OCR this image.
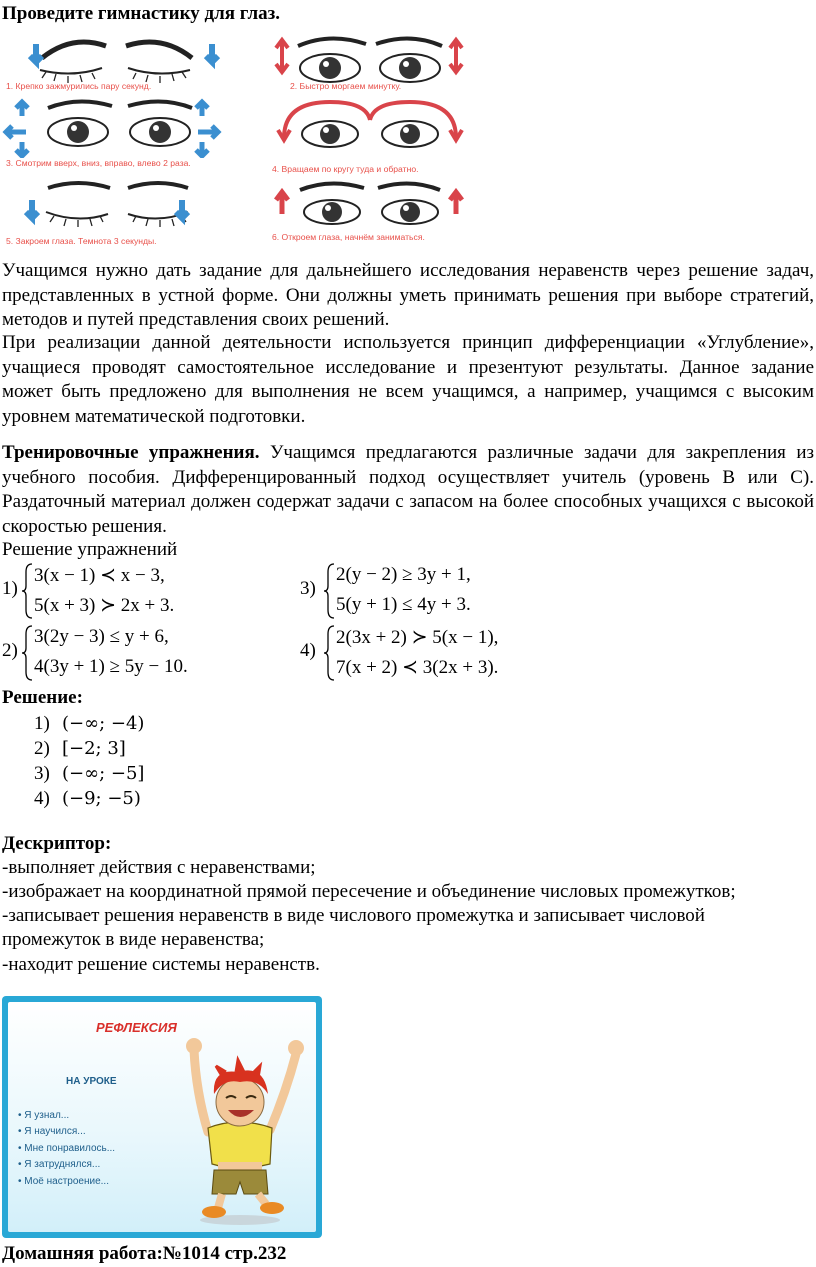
Проведите гимнастику для глаз.
1. Крепко зажмурились пару секунд.	2. Быстро моргаем минутку.
3. Смотрим вверх, вниз, вправо, влево 2 раза.
4. Вращаем по кругу туда и обратно.
5. Закроем глаза. Темнота 3 секунды.	6. Откроем глаза, начнём заниматься.
Учащимся нужно дать задание для дальнейшего исследования неравенств через решение задач, представленных в устной форме. Они должны уметь принимать решения при выборе стратегий, методов и путей представления своих решений.
При реализации данной деятельности используется принцип дифференциации «Углубление», учащиеся проводят самостоятельное исследование и презентуют результаты. Данное задание может быть предложено для выполнения не всем учащимся, а например, учащимся с высоким уровнем математической подготовки.
Тренировочные упражнения. Учащимся предлагаются различные задачи для закрепления из учебного пособия. Дифференцированный подход осуществляет учитель (уровень В или С). Раздаточный материал должен содержат задачи с запасом на более способных учащихся с высокой скоростью решения.
Решение упражнений
1)
3(x − 1) ≺ x − 3,
5(x + 3) ≻ 2x + 3.
3)
2(y − 2) ≥ 3y + 1,
5(y + 1) ≤ 4y + 3.
2)
3(2y − 3) ≤ y + 6,
4(3y + 1) ≥ 5y − 10.
4)
2(3x + 2) ≻ 5(x − 1),
7(x + 2) ≺ 3(2x + 3).
Решение:
1) (−∞; −4)
2) [−2; 3]
3) (−∞; −5]
4) (−9; −5)
Дескриптор:
-выполняет действия с неравенствами;
-изображает на координатной прямой пересечение и объединение числовых промежутков;
-записывает решения неравенств в виде числового промежутка и записывает числовой
промежуток в виде неравенства;
-находит решение системы неравенств.
РЕФЛЕКСИЯ
НА УРОКЕ
• Я узнал...
• Я научился...
• Мне понравилось...
• Я затруднялся...
• Моё настроение...
Домашняя работа:№1014 стр.232
